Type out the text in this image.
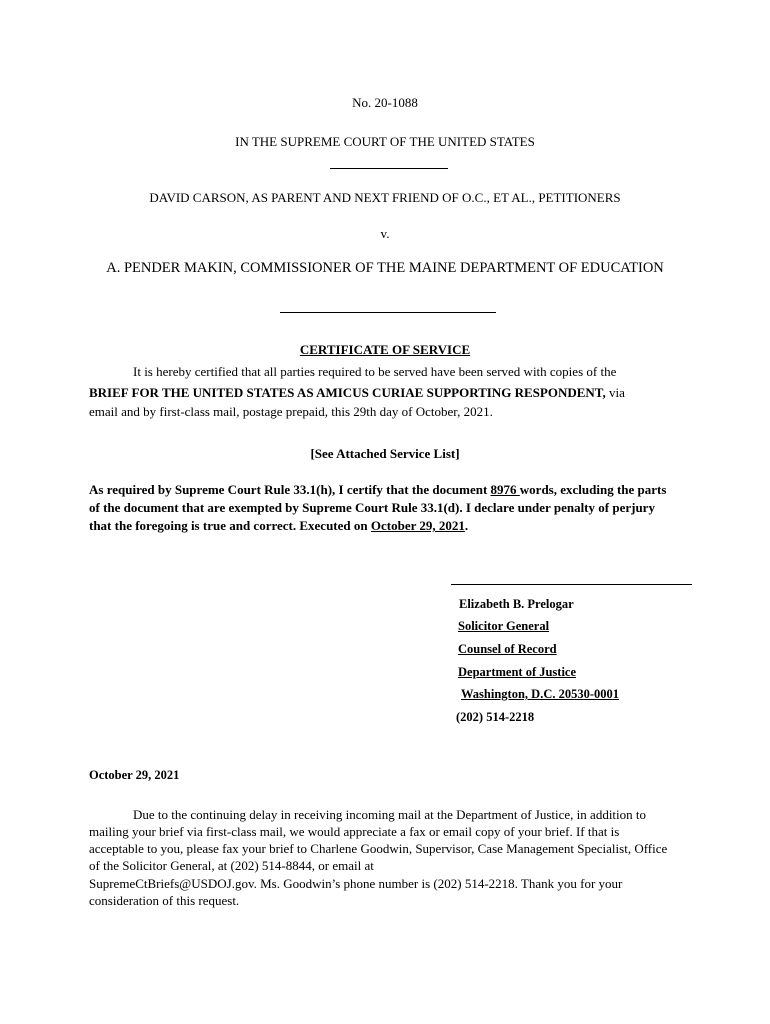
No. 20-1088
IN THE SUPREME COURT OF THE UNITED STATES
DAVID CARSON, AS PARENT AND NEXT FRIEND OF O.C., ET AL., PETITIONERS
v.
A. PENDER MAKIN, COMMISSIONER OF THE MAINE DEPARTMENT OF EDUCATION
CERTIFICATE OF SERVICE
It is hereby certified that all parties required to be served have been served with copies of the
BRIEF FOR THE UNITED STATES AS AMICUS CURIAE SUPPORTING RESPONDENT, via
email and by first-class mail, postage prepaid, this 29th day of October, 2021.
[See Attached Service List]
As required by Supreme Court Rule 33.1(h), I certify that the document 8976 words, excluding the parts
of the document that are exempted by Supreme Court Rule 33.1(d). I declare under penalty of perjury
that the foregoing is true and correct. Executed on October 29, 2021.
Elizabeth B. Prelogar
Solicitor General
Counsel of Record
Department of Justice
Washington, D.C. 20530-0001
(202) 514-2218
October 29, 2021
Due to the continuing delay in receiving incoming mail at the Department of Justice, in addition to
mailing your brief via first-class mail, we would appreciate a fax or email copy of your brief. If that is
acceptable to you, please fax your brief to Charlene Goodwin, Supervisor, Case Management Specialist, Office
of the Solicitor General, at (202) 514-8844, or email at
SupremeCtBriefs@USDOJ.gov. Ms. Goodwin’s phone number is (202) 514-2218. Thank you for your
consideration of this request.
